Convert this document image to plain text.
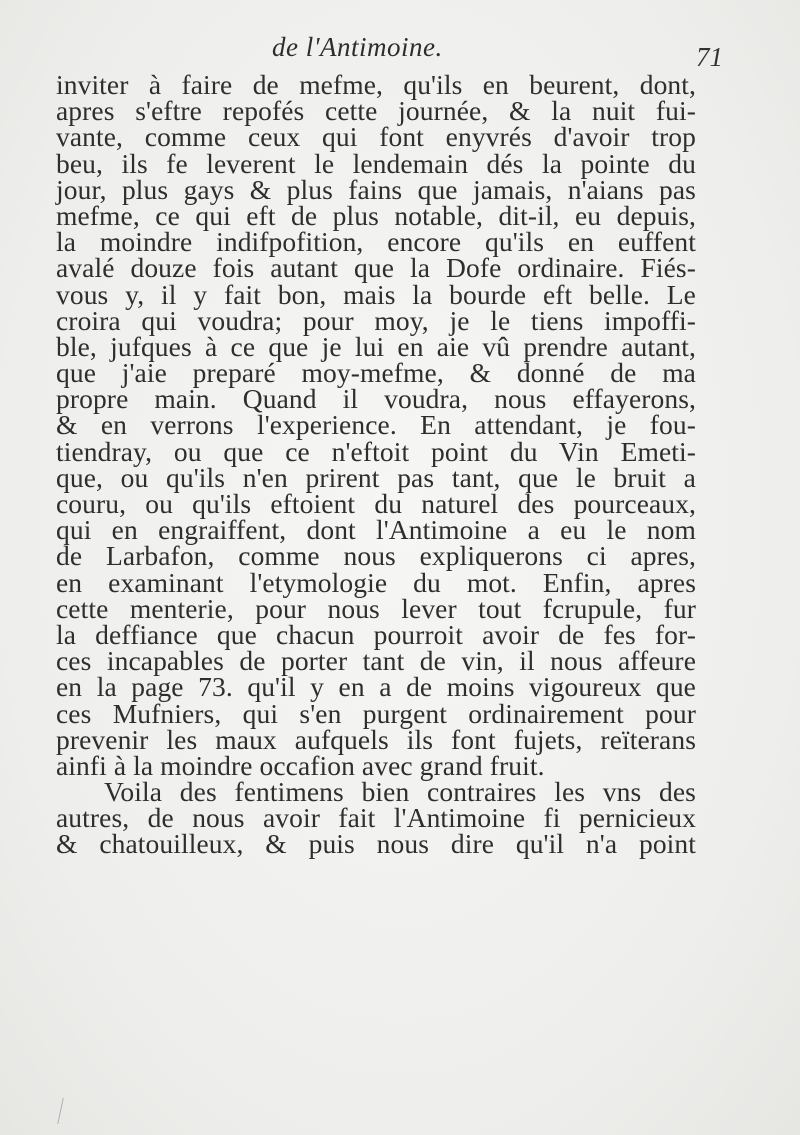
de l'Antimoine.	71
inviter à faire de mefme, qu'ils en beurent, dont,
apres s'eftre repofés cette journée, & la nuit fui-
vante, comme ceux qui font enyvrés d'avoir trop
beu, ils fe leverent le lendemain dés la pointe du
jour, plus gays & plus fains que jamais, n'aians pas
mefme, ce qui eft de plus notable, dit-il, eu depuis,
la moindre indifpofition, encore qu'ils en euffent
avalé douze fois autant que la Dofe ordinaire. Fiés-
vous y, il y fait bon, mais la bourde eft belle. Le
croira qui voudra; pour moy, je le tiens impoffi-
ble, jufques à ce que je lui en aie vû prendre autant,
que j'aie preparé moy-mefme, & donné de ma
propre main. Quand il voudra, nous effayerons,
& en verrons l'experience. En attendant, je fou-
tiendray, ou que ce n'eftoit point du Vin Emeti-
que, ou qu'ils n'en prirent pas tant, que le bruit a
couru, ou qu'ils eftoient du naturel des pourceaux,
qui en engraiffent, dont l'Antimoine a eu le nom
de Larbafon, comme nous expliquerons ci apres,
en examinant l'etymologie du mot. Enfin, apres
cette menterie, pour nous lever tout fcrupule, fur
la deffiance que chacun pourroit avoir de fes for-
ces incapables de porter tant de vin, il nous affeure
en la page 73. qu'il y en a de moins vigoureux que
ces Mufniers, qui s'en purgent ordinairement pour
prevenir les maux aufquels ils font fujets, reïterans
ainfi à la moindre occafion avec grand fruit.
Voila des fentimens bien contraires les vns des
autres, de nous avoir fait l'Antimoine fi pernicieux
& chatouilleux, & puis nous dire qu'il n'a point
